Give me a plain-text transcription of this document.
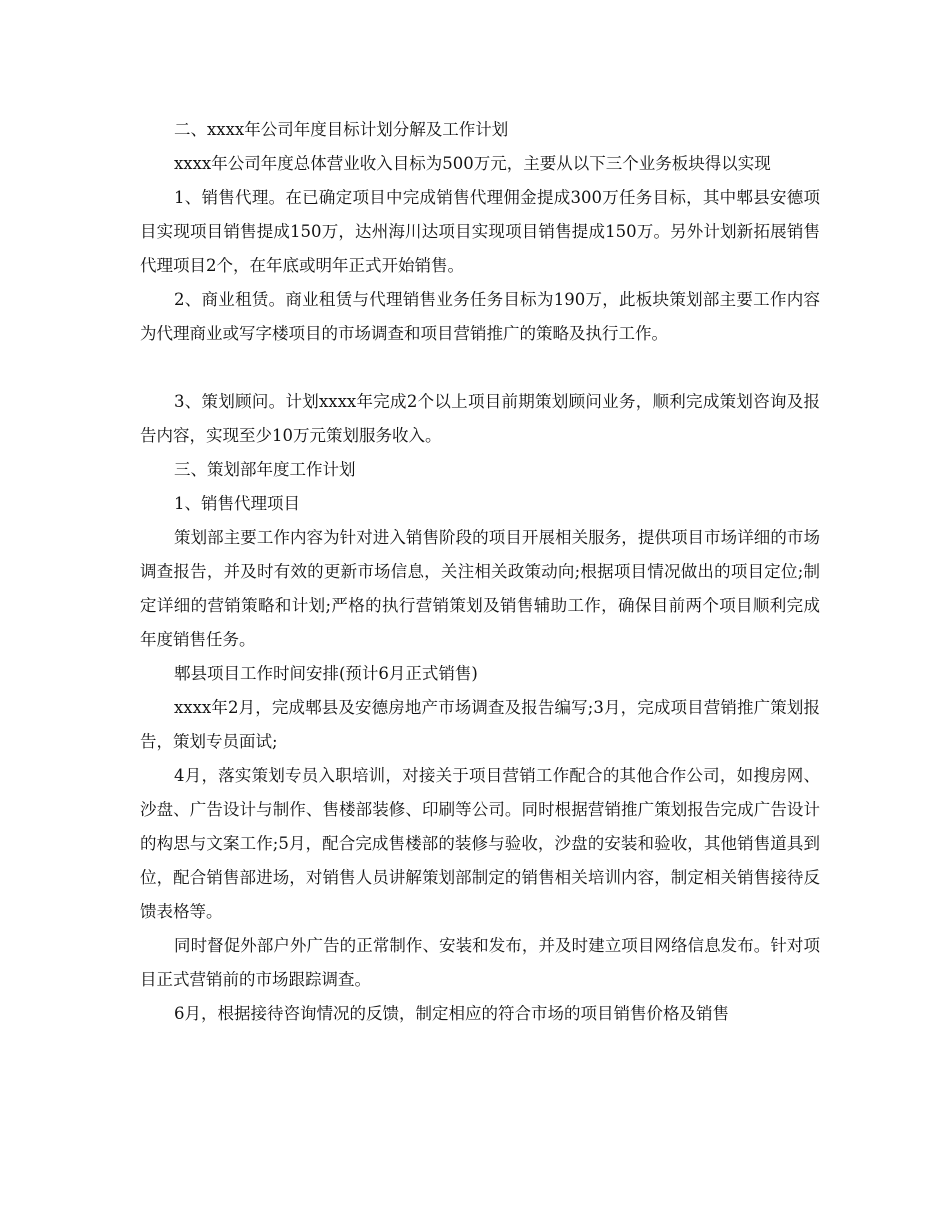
二、xxxx年公司年度目标计划分解及工作计划

xxxx年公司年度总体营业收入目标为500万元，主要从以下三个业务板块得以实现

1、销售代理。在已确定项目中完成销售代理佣金提成300万任务目标，其中郫县安德项目实现项目销售提成150万，达州海川达项目实现项目销售提成150万。另外计划新拓展销售代理项目2个，在年底或明年正式开始销售。

2、商业租赁。商业租赁与代理销售业务任务目标为190万，此板块策划部主要工作内容为代理商业或写字楼项目的市场调查和项目营销推广的策略及执行工作。

3、策划顾问。计划xxxx年完成2个以上项目前期策划顾问业务，顺利完成策划咨询及报告内容，实现至少10万元策划服务收入。

三、策划部年度工作计划

1、销售代理项目

策划部主要工作内容为针对进入销售阶段的项目开展相关服务，提供项目市场详细的市场调查报告，并及时有效的更新市场信息，关注相关政策动向;根据项目情况做出的项目定位;制定详细的营销策略和计划;严格的执行营销策划及销售辅助工作，确保目前两个项目顺利完成年度销售任务。

郫县项目工作时间安排(预计6月正式销售)

xxxx年2月，完成郫县及安德房地产市场调查及报告编写;3月，完成项目营销推广策划报告，策划专员面试;

4月，落实策划专员入职培训，对接关于项目营销工作配合的其他合作公司，如搜房网、沙盘、广告设计与制作、售楼部装修、印刷等公司。同时根据营销推广策划报告完成广告设计的构思与文案工作;5月，配合完成售楼部的装修与验收，沙盘的安装和验收，其他销售道具到位，配合销售部进场，对销售人员讲解策划部制定的销售相关培训内容，制定相关销售接待反馈表格等。

同时督促外部户外广告的正常制作、安装和发布，并及时建立项目网络信息发布。针对项目正式营销前的市场跟踪调查。

6月，根据接待咨询情况的反馈，制定相应的符合市场的项目销售价格及销售
